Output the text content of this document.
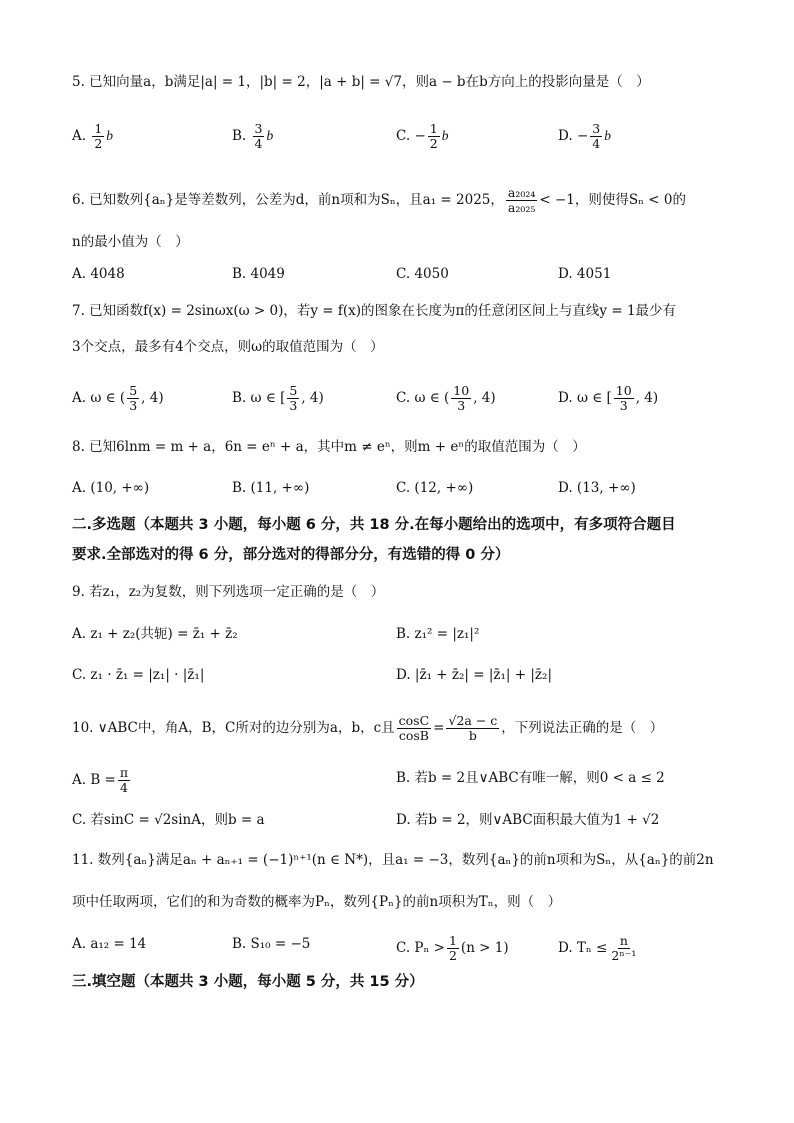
5. 已知向量a，b满足|a| = 1，|b| = 2，|a + b| = √7，则a − b在b方向上的投影向量是（　）
A. $\frac{1}{2}$ b	B. $\frac{3}{4}$ b	C. − $\frac{1}{2}$ b	D. − $\frac{3}{4}$ b
6. 已知数列{aₙ}是等差数列，公差为d，前n项和为Sₙ，且a₁ = 2025， $\frac{\text{a₂₀₂₄}}{\text{a₂₀₂₅}} < -1$，则使得Sₙ < 0的
n的最小值为（　）
A. 4048	B. 4049	C. 4050	D. 4051
7. 已知函数f(x) = 2sinωx(ω > 0)，若y = f(x)的图象在长度为π的任意闭区间上与直线y = 1最少有
3个交点，最多有4个交点，则ω的取值范围为（　）
A. ω ∈ ( $\frac{5}{3}$ , 4)	B. ω ∈ [ $\frac{5}{3}$ , 4)	C. ω ∈ ( $\frac{10}{3}$ , 4)	D. ω ∈ [ $\frac{10}{3}$ , 4)
8. 已知6lnm = m + a，6n = eⁿ + a，其中m ≠ eⁿ，则m + eⁿ的取值范围为（　）
A. (10, +∞)	B. (11, +∞)	C. (12, +∞)	D. (13, +∞)
二.多选题（本题共 3 小题，每小题 6 分，共 18 分.在每小题给出的选项中，有多项符合题目
要求.全部选对的得 6 分，部分选对的得部分分，有选错的得 0 分）
9. 若z₁，z₂为复数，则下列选项一定正确的是（　）
A. z₁ + z₂(共轭) = z̄₁ + z̄₂	B. z₁² = |z₁|²
C. z₁ · z̄₁ = |z₁| · |z̄₁|	D. |z̄₁ + z̄₂| = |z̄₁| + |z̄₂|
10. ∨ABC中，角A，B，C所对的边分别为a，b，c且 $\frac{\cos C}{\cos B} = \frac{√2a - c}{b}$ ，下列说法正确的是（　）
A. $B = \frac{\pi}{4}$	B. 若b = 2且∨ABC有唯一解，则0 < a ≤ 2
C. 若sinC = √2sinA，则b = a	D. 若b = 2，则∨ABC面积最大值为1 + √2
11. 数列{aₙ}满足aₙ + aₙ₊₁ = (−1)ⁿ⁺¹(n ∈ N*)，且a₁ = −3，数列{aₙ}的前n项和为Sₙ，从{aₙ}的前2n
项中任取两项，它们的和为奇数的概率为Pₙ，数列{Pₙ}的前n项积为Tₙ，则（　）
A. a₁₂ = 14	B. S₁₀ = −5	C. $P_n > \frac{1}{2} (n > 1)$	D. $T_n \le \frac{n}{\text{2ⁿ⁻¹}}$
三.填空题（本题共 3 小题，每小题 5 分，共 15 分）
